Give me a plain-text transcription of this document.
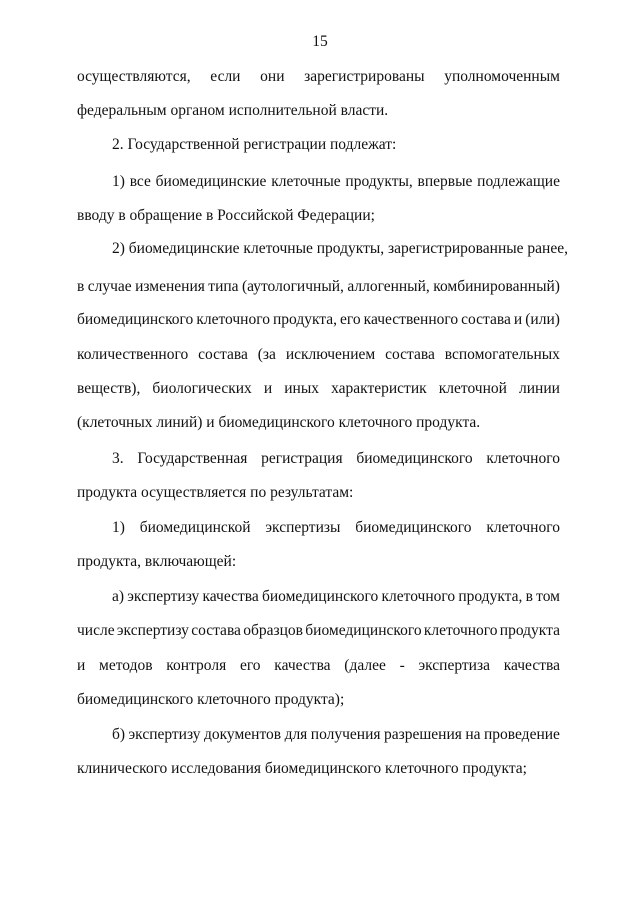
15
осуществляются, если они зарегистрированы уполномоченным
федеральным органом исполнительной власти.
2. Государственной регистрации подлежат:
1) все биомедицинские клеточные продукты, впервые подлежащие
вводу в обращение в Российской Федерации;
2) биомедицинские клеточные продукты, зарегистрированные ранее,
в случае изменения типа (аутологичный, аллогенный, комбинированный)
биомедицинского клеточного продукта, его качественного состава и (или)
количественного состава (за исключением состава вспомогательных
веществ), биологических и иных характеристик клеточной линии
(клеточных линий) и биомедицинского клеточного продукта.
3. Государственная регистрация биомедицинского клеточного
продукта осуществляется по результатам:
1) биомедицинской экспертизы биомедицинского клеточного
продукта, включающей:
а) экспертизу качества биомедицинского клеточного продукта, в том
числе экспертизу состава образцов биомедицинского клеточного продукта
и методов контроля его качества (далее - экспертиза качества
биомедицинского клеточного продукта);
б) экспертизу документов для получения разрешения на проведение
клинического исследования биомедицинского клеточного продукта;
